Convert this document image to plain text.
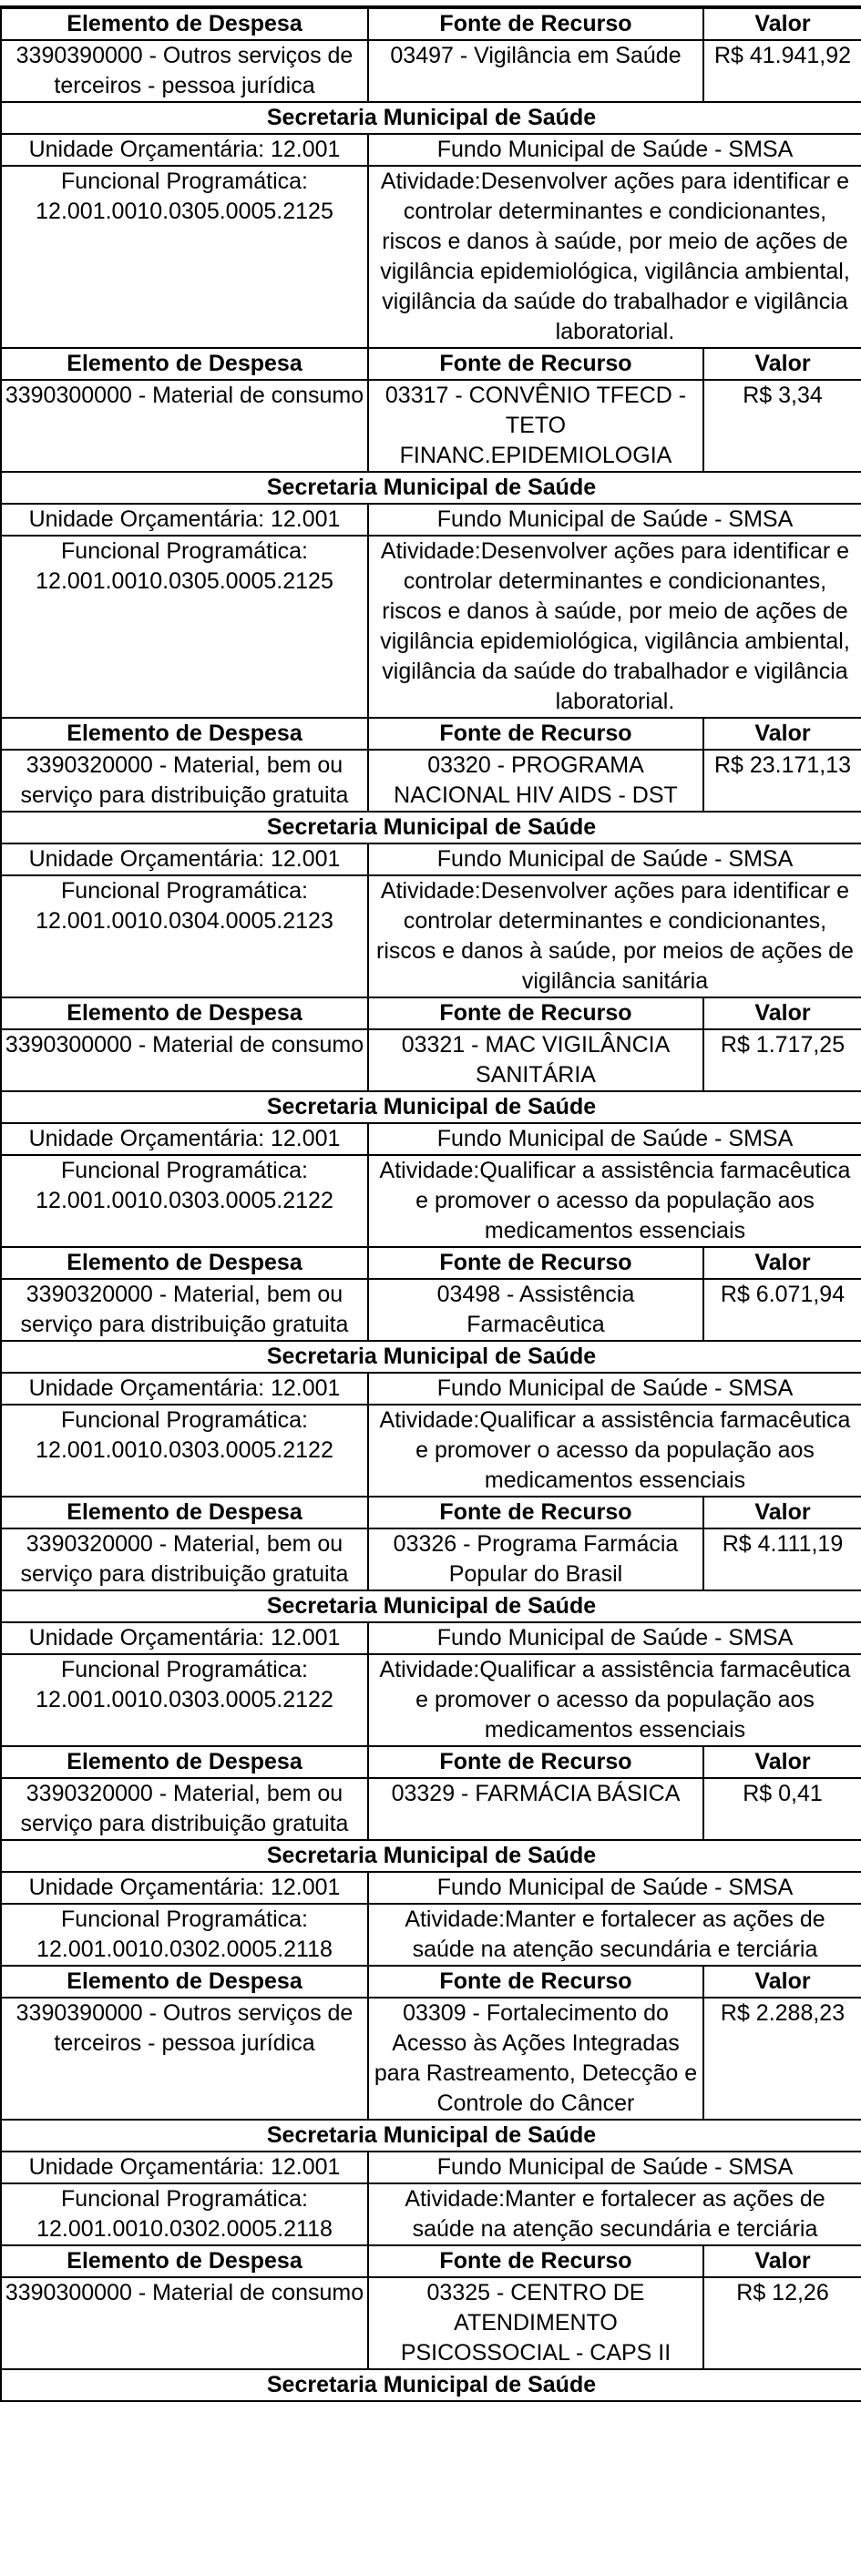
Elemento de Despesa	Fonte de Recurso	Valor
3390390000 - Outros serviços de terceiros - pessoa jurídica	03497 - Vigilância em Saúde	R$ 41.941,92
Secretaria Municipal de Saúde		
Unidade Orçamentária: 12.001	Fundo Municipal de Saúde - SMSA	
Funcional Programática: 12.001.0010.0305.0005.2125	Atividade:Desenvolver ações para identificar e controlar determinantes e condicionantes, riscos e danos à saúde, por meio de ações de vigilância epidemiológica, vigilância ambiental, vigilância da saúde do trabalhador e vigilância laboratorial.	
Elemento de Despesa	Fonte de Recurso	Valor
3390300000 - Material de consumo	03317 - CONVÊNIO TFECD - TETO FINANC.EPIDEMIOLOGIA	R$ 3,34
Secretaria Municipal de Saúde		
Unidade Orçamentária: 12.001	Fundo Municipal de Saúde - SMSA	
Funcional Programática: 12.001.0010.0305.0005.2125	Atividade:Desenvolver ações para identificar e controlar determinantes e condicionantes, riscos e danos à saúde, por meio de ações de vigilância epidemiológica, vigilância ambiental, vigilância da saúde do trabalhador e vigilância laboratorial.	
Elemento de Despesa	Fonte de Recurso	Valor
3390320000 - Material, bem ou serviço para distribuição gratuita	03320 - PROGRAMA NACIONAL HIV AIDS - DST	R$ 23.171,13
Secretaria Municipal de Saúde		
Unidade Orçamentária: 12.001	Fundo Municipal de Saúde - SMSA	
Funcional Programática: 12.001.0010.0304.0005.2123	Atividade:Desenvolver ações para identificar e controlar determinantes e condicionantes, riscos e danos à saúde, por meios de ações de vigilância sanitária	
Elemento de Despesa	Fonte de Recurso	Valor
3390300000 - Material de consumo	03321 - MAC VIGILÂNCIA SANITÁRIA	R$ 1.717,25
Secretaria Municipal de Saúde		
Unidade Orçamentária: 12.001	Fundo Municipal de Saúde - SMSA	
Funcional Programática: 12.001.0010.0303.0005.2122	Atividade:Qualificar a assistência farmacêutica e promover o acesso da população aos medicamentos essenciais	
Elemento de Despesa	Fonte de Recurso	Valor
3390320000 - Material, bem ou serviço para distribuição gratuita	03498 - Assistência Farmacêutica	R$ 6.071,94
Secretaria Municipal de Saúde		
Unidade Orçamentária: 12.001	Fundo Municipal de Saúde - SMSA	
Funcional Programática: 12.001.0010.0303.0005.2122	Atividade:Qualificar a assistência farmacêutica e promover o acesso da população aos medicamentos essenciais	
Elemento de Despesa	Fonte de Recurso	Valor
3390320000 - Material, bem ou serviço para distribuição gratuita	03326 - Programa Farmácia Popular do Brasil	R$ 4.111,19
Secretaria Municipal de Saúde		
Unidade Orçamentária: 12.001	Fundo Municipal de Saúde - SMSA	
Funcional Programática: 12.001.0010.0303.0005.2122	Atividade:Qualificar a assistência farmacêutica e promover o acesso da população aos medicamentos essenciais	
Elemento de Despesa	Fonte de Recurso	Valor
3390320000 - Material, bem ou serviço para distribuição gratuita	03329 - FARMÁCIA BÁSICA	R$ 0,41
Secretaria Municipal de Saúde		
Unidade Orçamentária: 12.001	Fundo Municipal de Saúde - SMSA	
Funcional Programática: 12.001.0010.0302.0005.2118	Atividade:Manter e fortalecer as ações de saúde na atenção secundária e terciária	
Elemento de Despesa	Fonte de Recurso	Valor
3390390000 - Outros serviços de terceiros - pessoa jurídica	03309 - Fortalecimento do Acesso às Ações Integradas para Rastreamento, Detecção e Controle do Câncer	R$ 2.288,23
Secretaria Municipal de Saúde		
Unidade Orçamentária: 12.001	Fundo Municipal de Saúde - SMSA	
Funcional Programática: 12.001.0010.0302.0005.2118	Atividade:Manter e fortalecer as ações de saúde na atenção secundária e terciária	
Elemento de Despesa	Fonte de Recurso	Valor
3390300000 - Material de consumo	03325 - CENTRO DE ATENDIMENTO PSICOSSOCIAL - CAPS II	R$ 12,26
Secretaria Municipal de Saúde		
